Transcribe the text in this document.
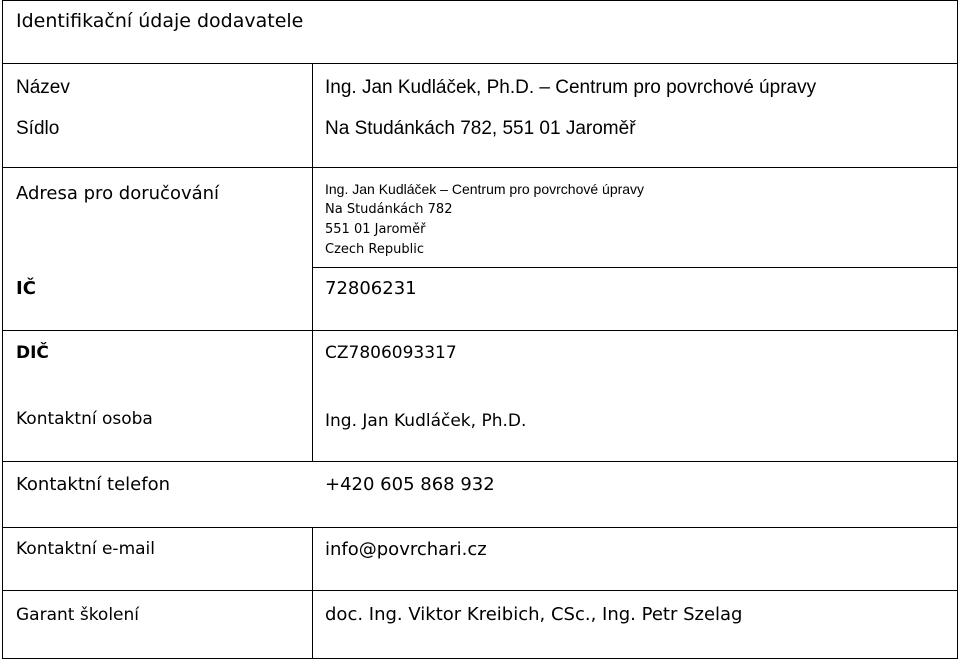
Identifikační údaje dodavatele
Název	Ing. Jan Kudláček, Ph.D. – Centrum pro povrchové úpravy
Sídlo	Na Studánkách 782, 551 01 Jaroměř
Adresa pro doručování	Ing. Jan Kudláček – Centrum pro povrchové úpravy
Na Studánkách 782
551 01 Jaroměř
Czech Republic
IČ	72806231
DIČ	CZ7806093317
Kontaktní osoba	Ing. Jan Kudláček, Ph.D.
Kontaktní telefon	+420 605 868 932
Kontaktní e-mail	info@povrchari.cz
Garant školení	doc. Ing. Viktor Kreibich, CSc., Ing. Petr Szelag
